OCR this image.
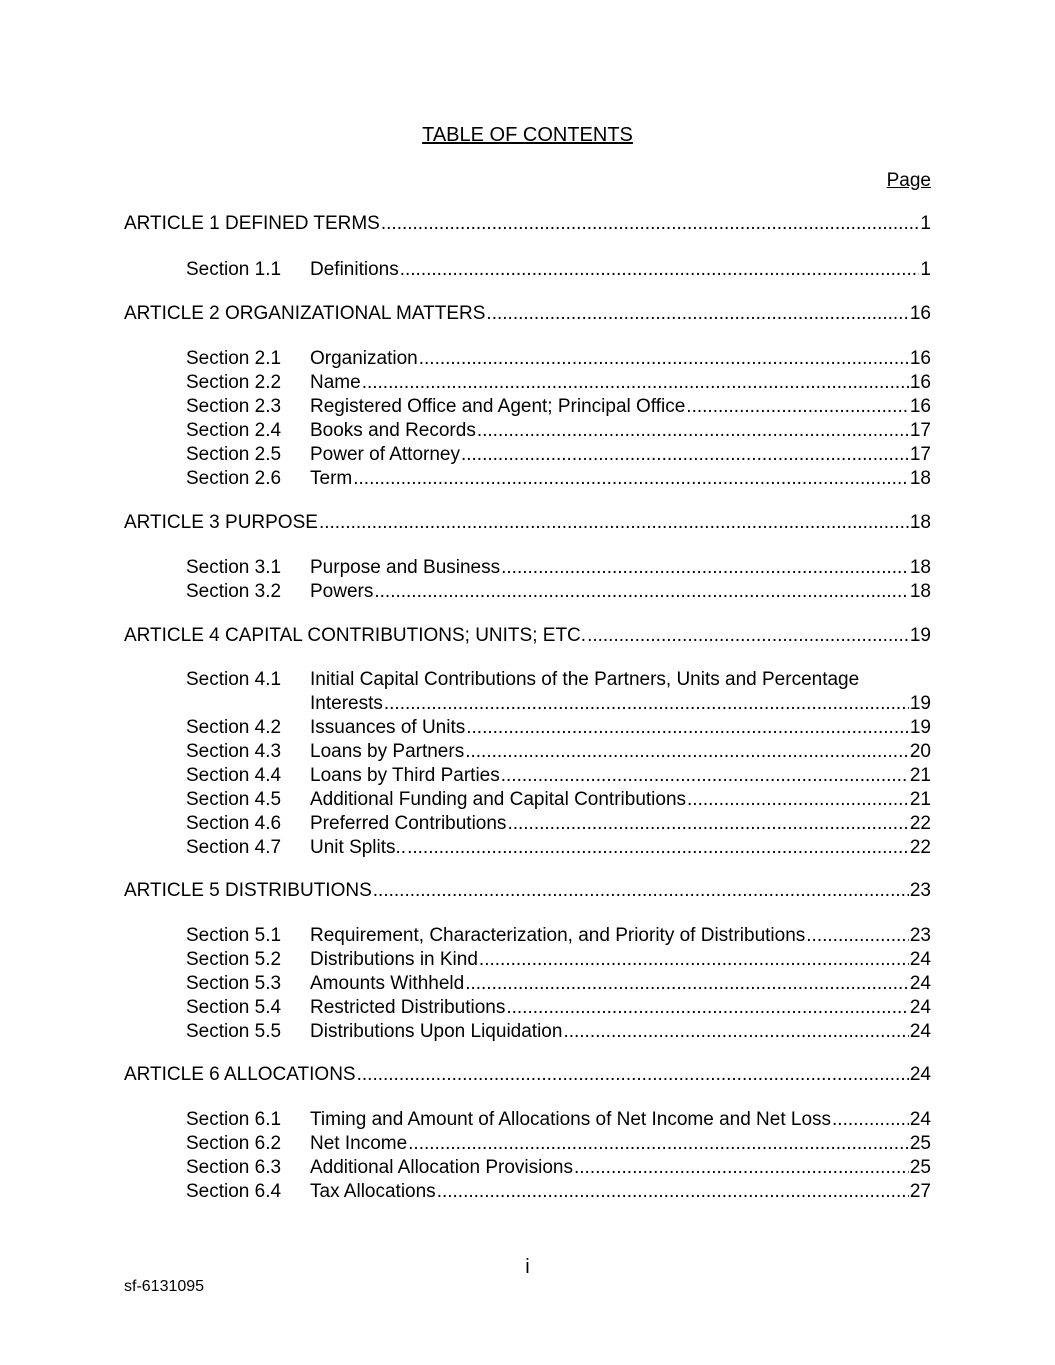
TABLE OF CONTENTS
Page
ARTICLE 1 DEFINED TERMS .....	1
Section 1.1	Definitions .....	1
ARTICLE 2 ORGANIZATIONAL MATTERS .....	16
Section 2.1	Organization .....	16
Section 2.2	Name .....	16
Section 2.3	Registered Office and Agent; Principal Office .....	16
Section 2.4	Books and Records .....	17
Section 2.5	Power of Attorney .....	17
Section 2.6	Term .....	18
ARTICLE 3 PURPOSE .....	18
Section 3.1	Purpose and Business .....	18
Section 3.2	Powers .....	18
ARTICLE 4 CAPITAL CONTRIBUTIONS; UNITS; ETC. .....	19
Section 4.1	Initial Capital Contributions of the Partners, Units and Percentage
Interests .....	19
Section 4.2	Issuances of Units .....	19
Section 4.3	Loans by Partners .....	20
Section 4.4	Loans by Third Parties .....	21
Section 4.5	Additional Funding and Capital Contributions .....	21
Section 4.6	Preferred Contributions .....	22
Section 4.7	Unit Splits.. .....	22
ARTICLE 5 DISTRIBUTIONS .....	23
Section 5.1	Requirement, Characterization, and Priority of Distributions .....	23
Section 5.2	Distributions in Kind .....	24
Section 5.3	Amounts Withheld .....	24
Section 5.4	Restricted Distributions .....	24
Section 5.5	Distributions Upon Liquidation .....	24
ARTICLE 6 ALLOCATIONS .....	24
Section 6.1	Timing and Amount of Allocations of Net Income and Net Loss .....	24
Section 6.2	Net Income .....	25
Section 6.3	Additional Allocation Provisions .....	25
Section 6.4	Tax Allocations .....	27
i
sf-6131095
